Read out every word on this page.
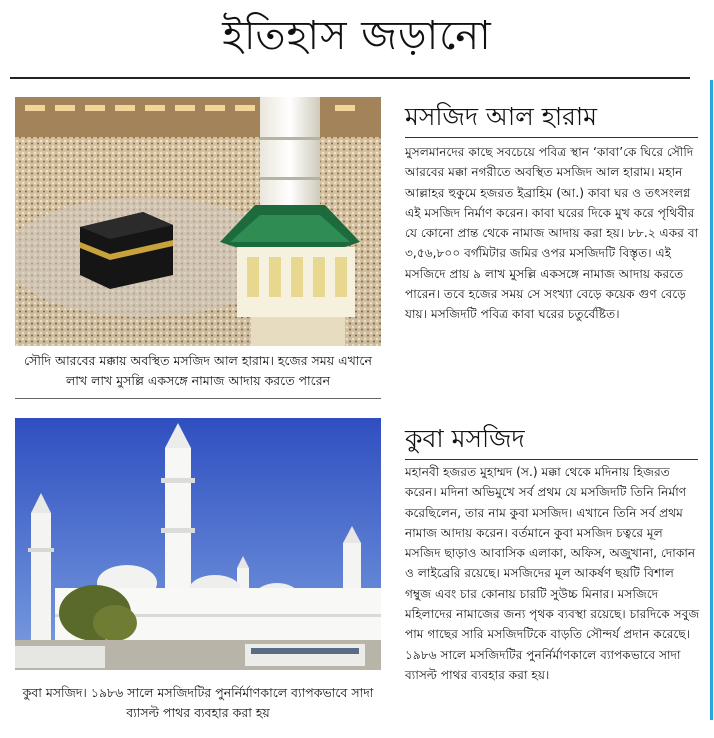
ইতিহাস জড়ানো
সৌদি আরবের মক্কায় অবস্থিত মসজিদ আল হারাম। হজের সময় এখানে লাখ লাখ মুসল্লি একসঙ্গে নামাজ আদায় করতে পারেন
কুবা মসজিদ। ১৯৮৬ সালে মসজিদটির পুনর্নির্মাণকালে ব্যাপকভাবে সাদা ব্যাসল্ট পাথর ব্যবহার করা হয়
মসজিদ আল হারাম
মুসলমানদের কাছে সবচেয়ে পবিত্র স্থান ‘কাবা’কে ঘিরে সৌদি আরবের মক্কা নগরীতে অবস্থিত মসজিদ আল হারাম। মহান আল্লাহর হুকুমে হজরত ইব্রাহিম (আ.) কাবা ঘর ও তৎসংলগ্ন এই মসজিদ নির্মাণ করেন। কাবা ঘরের দিকে মুখ করে পৃথিবীর যে কোনো প্রান্ত থেকে নামাজ আদায় করা হয়। ৮৮.২ একর বা ৩,৫৬,৮০০ বর্গমিটার জমির ওপর মসজিদটি বিস্তৃত। এই মসজিদে প্রায় ৯ লাখ মুসল্লি একসঙ্গে নামাজ আদায় করতে পারেন। তবে হজের সময় সে সংখ্যা বেড়ে কয়েক গুণ বেড়ে যায়। মসজিদটি পবিত্র কাবা ঘরের চতুর্বেষ্টিত।
কুবা মসজিদ
মহানবী হজরত মুহাম্মদ (স.) মক্কা থেকে মদিনায় হিজরত করেন। মদিনা অভিমুখে সর্ব প্রথম যে মসজিদটি তিনি নির্মাণ করেছিলেন, তার নাম কুবা মসজিদ। এখানে তিনি সর্ব প্রথম নামাজ আদায় করেন। বর্তমানে কুবা মসজিদ চত্বরে মূল মসজিদ ছাড়াও আবাসিক এলাকা, অফিস, অজুখানা, দোকান ও লাইব্রেরি রয়েছে। মসজিদের মূল আকর্ষণ ছয়টি বিশাল গম্বুজ এবং চার কোনায় চারটি সুউচ্চ মিনার। মসজিদে মহিলাদের নামাজের জন্য পৃথক ব্যবস্থা রয়েছে। চারদিকে সবুজ পাম গাছের সারি মসজিদটিকে বাড়তি সৌন্দর্য প্রদান করেছে। ১৯৮৬ সালে মসজিদটির পুনর্নির্মাণকালে ব্যাপকভাবে সাদা ব্যাসল্ট পাথর ব্যবহার করা হয়।
